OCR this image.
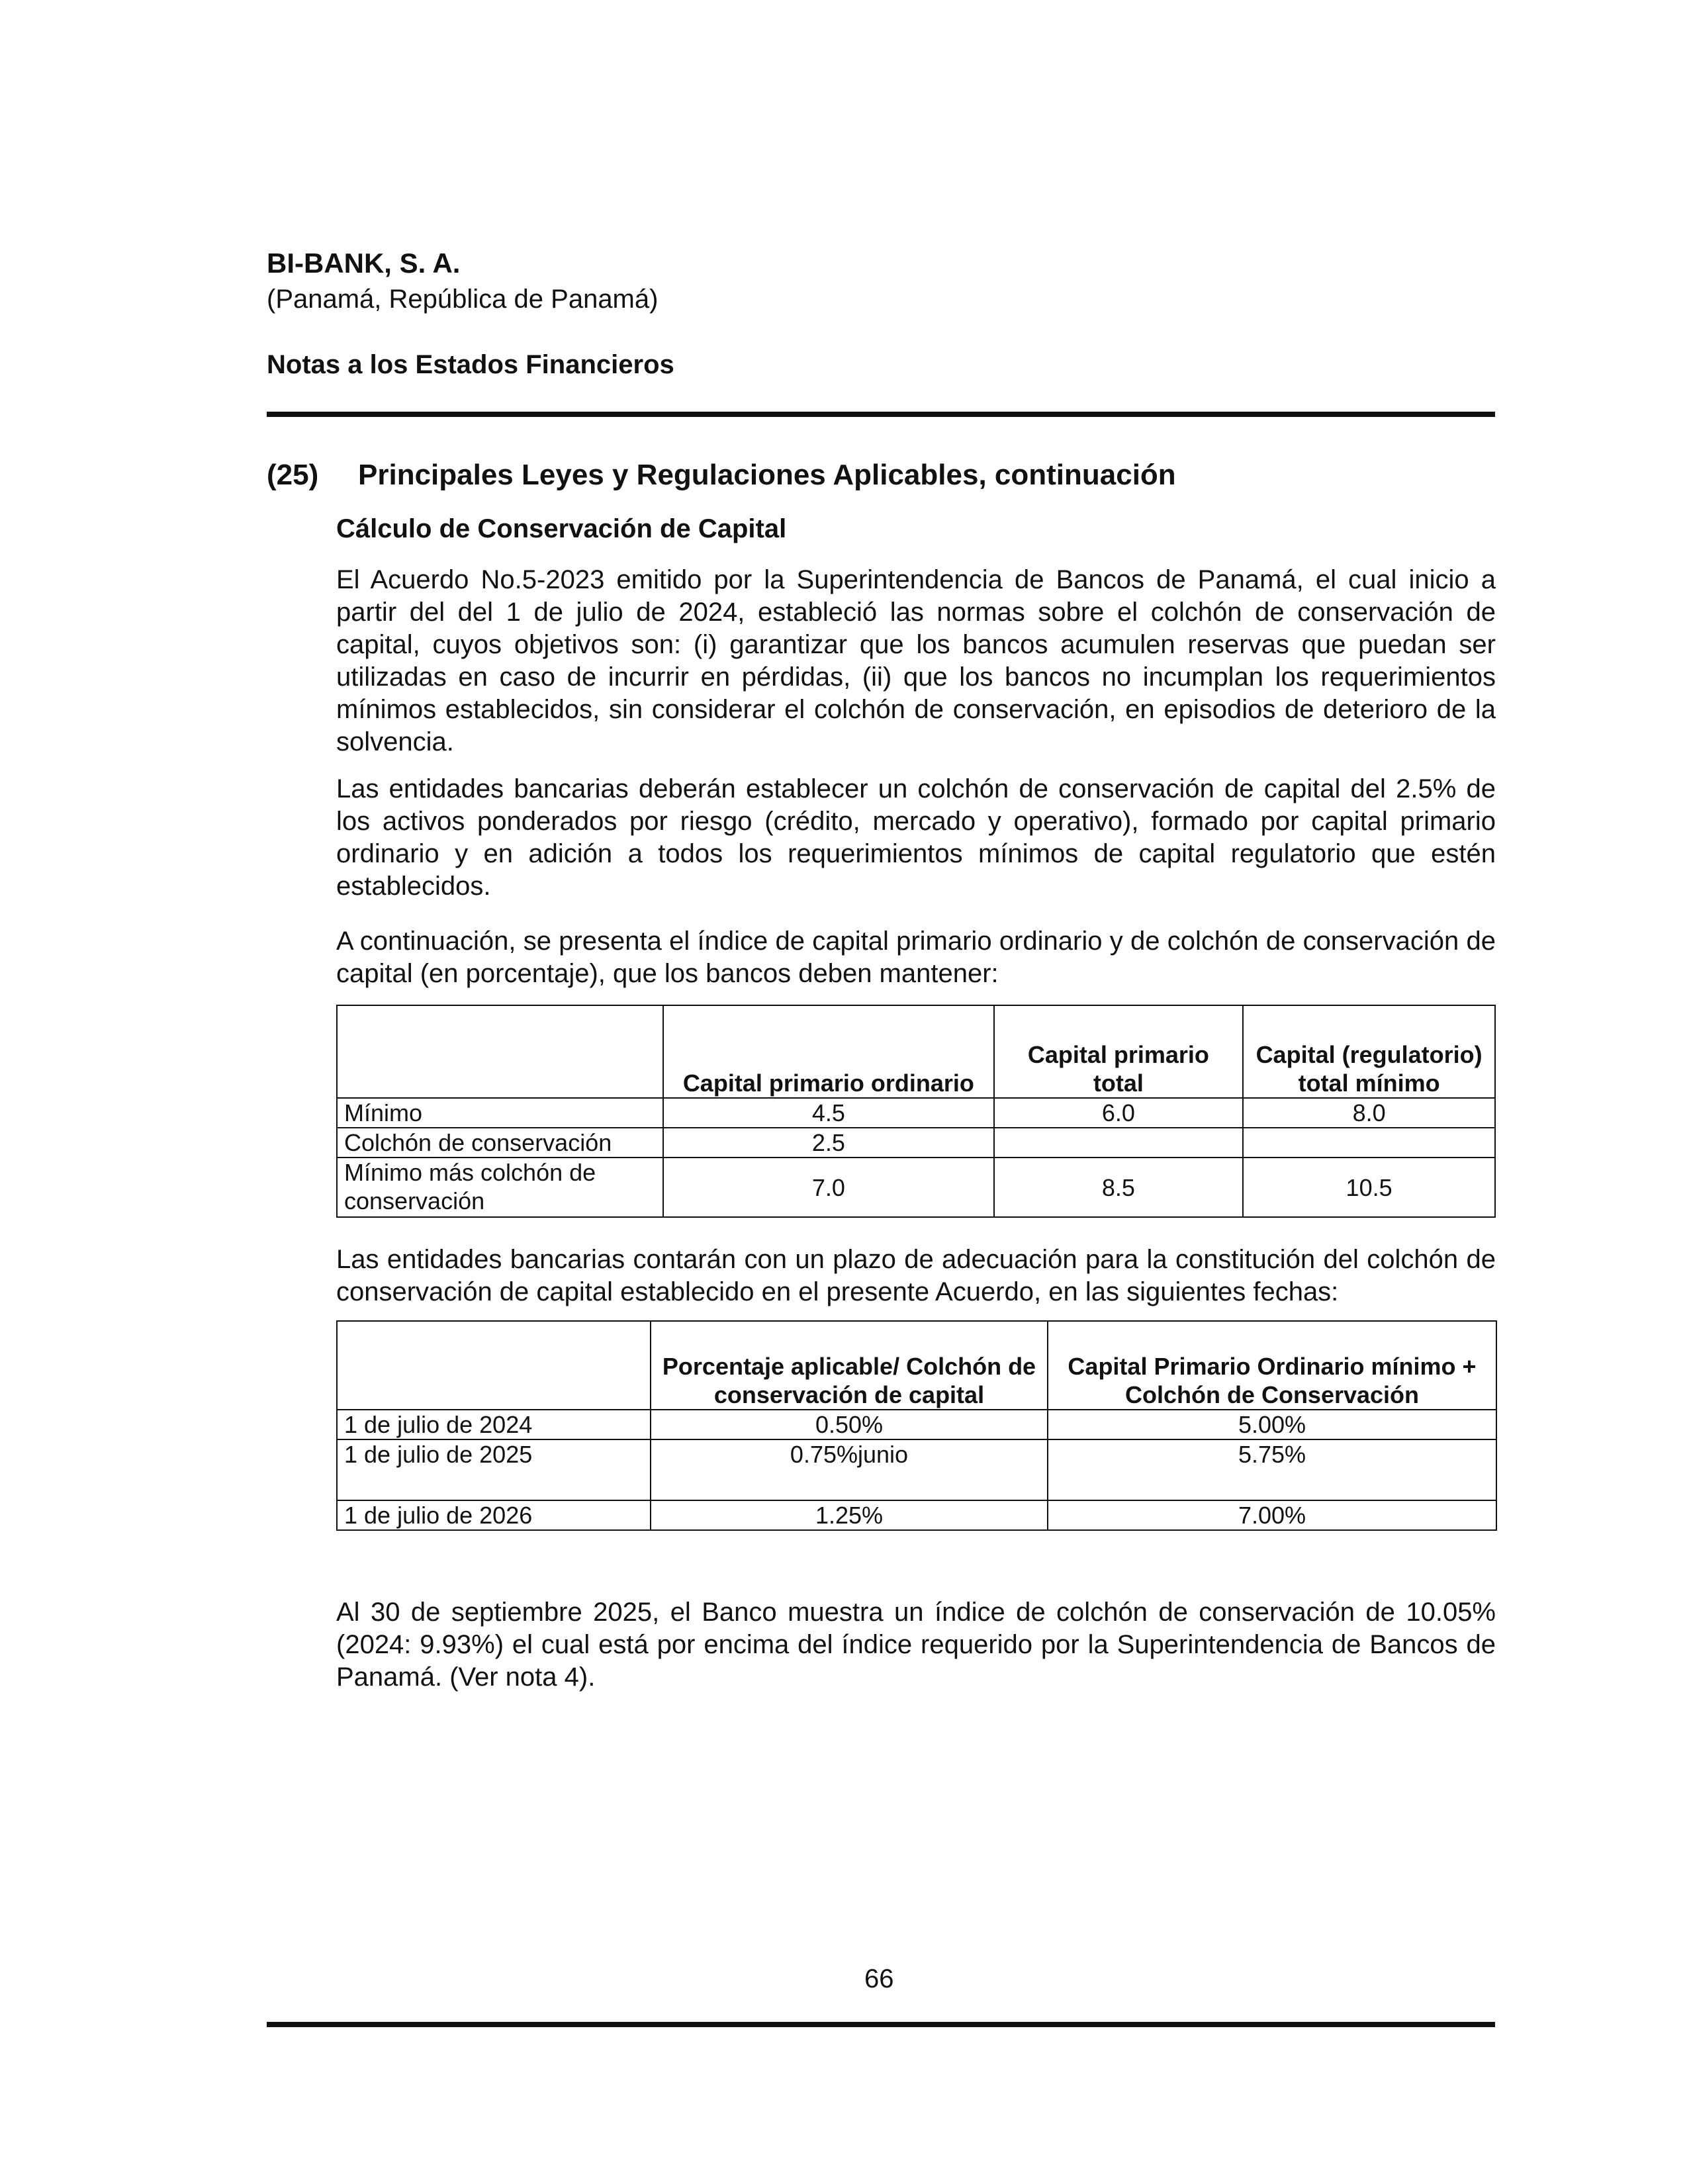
BI-BANK, S. A.
(Panamá, República de Panamá)
Notas a los Estados Financieros
(25) Principales Leyes y Regulaciones Aplicables, continuación
Cálculo de Conservación de Capital
El Acuerdo No.5-2023 emitido por la Superintendencia de Bancos de Panamá, el cual inicio a partir del del 1 de julio de 2024, estableció las normas sobre el colchón de conservación de capital, cuyos objetivos son: (i) garantizar que los bancos acumulen reservas que puedan ser utilizadas en caso de incurrir en pérdidas, (ii) que los bancos no incumplan los requerimientos mínimos establecidos, sin considerar el colchón de conservación, en episodios de deterioro de la solvencia.
Las entidades bancarias deberán establecer un colchón de conservación de capital del 2.5% de los activos ponderados por riesgo (crédito, mercado y operativo), formado por capital primario ordinario y en adición a todos los requerimientos mínimos de capital regulatorio que estén establecidos.
A continuación, se presenta el índice de capital primario ordinario y de colchón de conservación de capital (en porcentaje), que los bancos deben mantener:
	Capital primario ordinario	Capital primario total	Capital (regulatorio) total mínimo
Mínimo	4.5	6.0	8.0
Colchón de conservación	2.5		
Mínimo más colchón de conservación	7.0	8.5	10.5
Las entidades bancarias contarán con un plazo de adecuación para la constitución del colchón de conservación de capital establecido en el presente Acuerdo, en las siguientes fechas:
	Porcentaje aplicable/ Colchón de conservación de capital	Capital Primario Ordinario mínimo + Colchón de Conservación
1 de julio de 2024	0.50%	5.00%
1 de julio de 2025	0.75%junio	5.75%
1 de julio de 2026	1.25%	7.00%
Al 30 de septiembre 2025, el Banco muestra un índice de colchón de conservación de 10.05% (2024: 9.93%) el cual está por encima del índice requerido por la Superintendencia de Bancos de Panamá. (Ver nota 4).
66
